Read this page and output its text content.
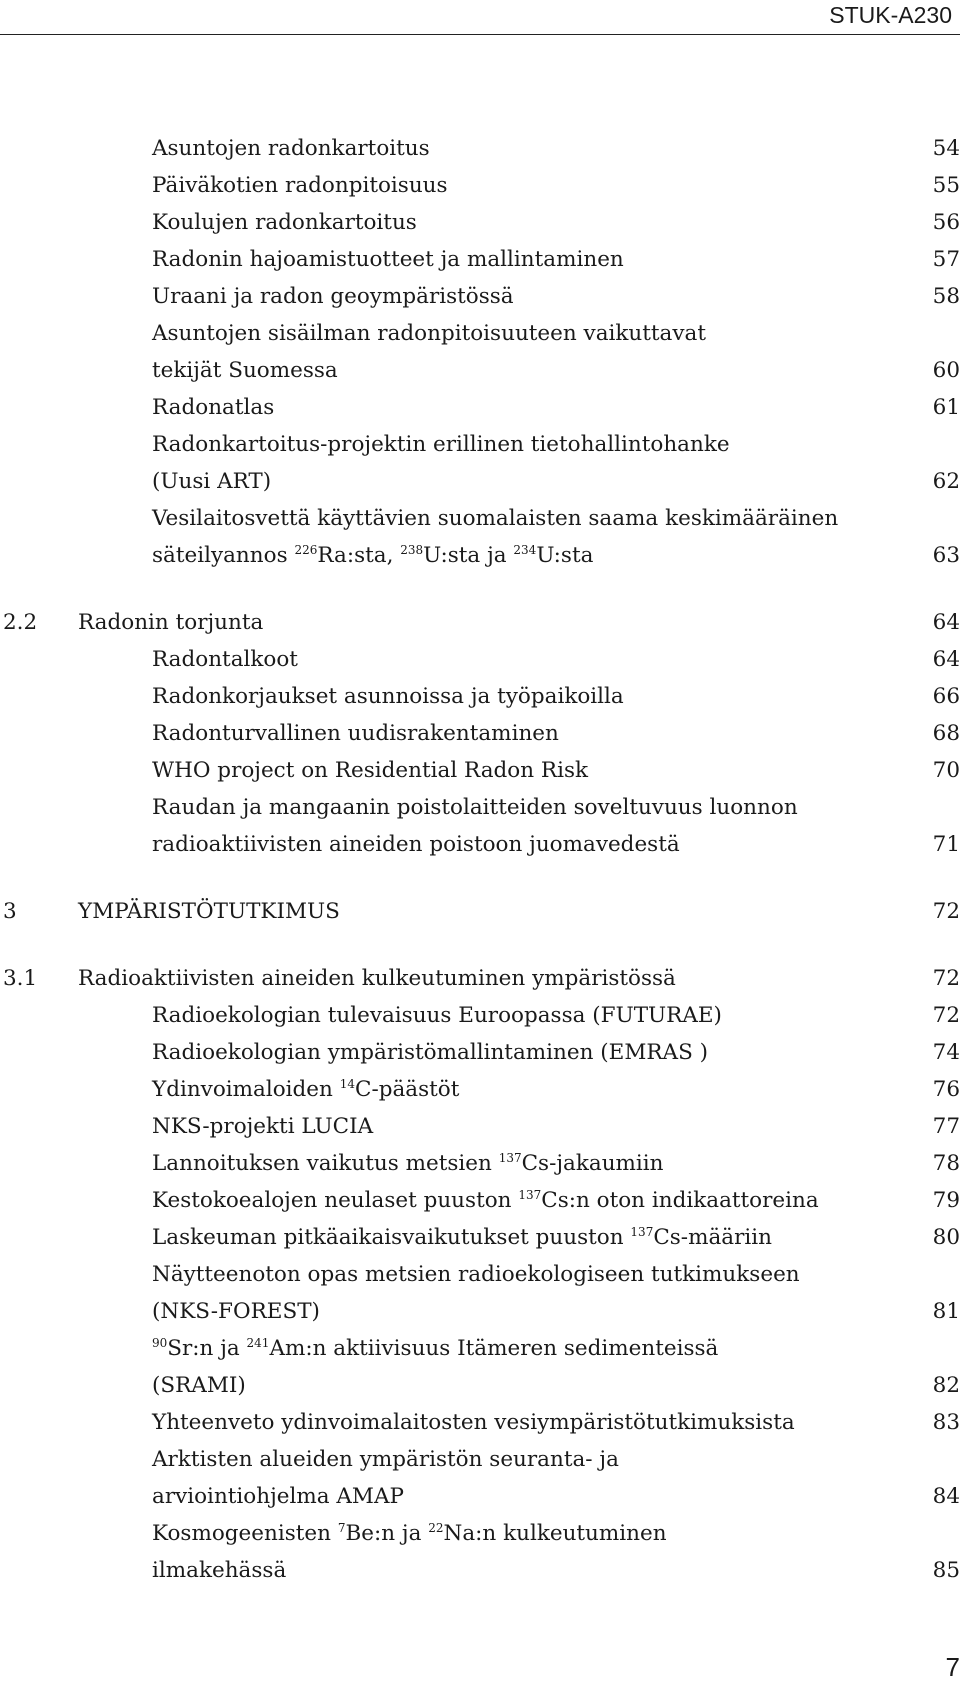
STUK-A230
Asuntojen radonkartoitus	54
Päiväkotien radonpitoisuus	55
Koulujen radonkartoitus	56
Radonin hajoamistuotteet ja mallintaminen	57
Uraani ja radon geoympäristössä	58
Asuntojen sisäilman radonpitoisuuteen vaikuttavat
tekijät Suomessa	60
Radonatlas	61
Radonkartoitus-projektin erillinen tietohallintohanke
(Uusi ART)	62
Vesilaitosvettä käyttävien suomalaisten saama keskimääräinen
säteilyannos $^{226}$Ra:sta, $^{238}$U:sta ja $^{234}$U:sta	63
2.2 Radonin torjunta	64
Radontalkoot	64
Radonkorjaukset asunnoissa ja työpaikoilla	66
Radonturvallinen uudisrakentaminen	68
WHO project on Residential Radon Risk	70
Raudan ja mangaanin poistolaitteiden soveltuvuus luonnon
radioaktiivisten aineiden poistoon juomavedestä	71
3	YMPÄRISTÖTUTKIMUS	72
3.1 Radioaktiivisten aineiden kulkeutuminen ympäristössä	72
Radioekologian tulevaisuus Euroopassa (FUTURAE)	72
Radioekologian ympäristömallintaminen (EMRAS )	74
Ydinvoimaloiden $^{14}$C-päästöt	76
NKS-projekti LUCIA	77
Lannoituksen vaikutus metsien $^{137}$Cs-jakaumiin	78
Kestokoealojen neulaset puuston $^{137}$Cs:n oton indikaattoreina	79
Laskeuman pitkäaikaisvaikutukset puuston $^{137}$Cs-määriin	80
Näytteenoton opas metsien radioekologiseen tutkimukseen
(NKS-FOREST)	81
$^{90}$Sr:n ja $^{241}$Am:n aktiivisuus Itämeren sedimenteissä
(SRAMI)	82
Yhteenveto ydinvoimalaitosten vesiympäristötutkimuksista	83
Arktisten alueiden ympäristön seuranta- ja
arviointiohjelma AMAP	84
Kosmogeenisten $^7$Be:n ja $^{22}$Na:n kulkeutuminen
ilmakehässä	85
7
